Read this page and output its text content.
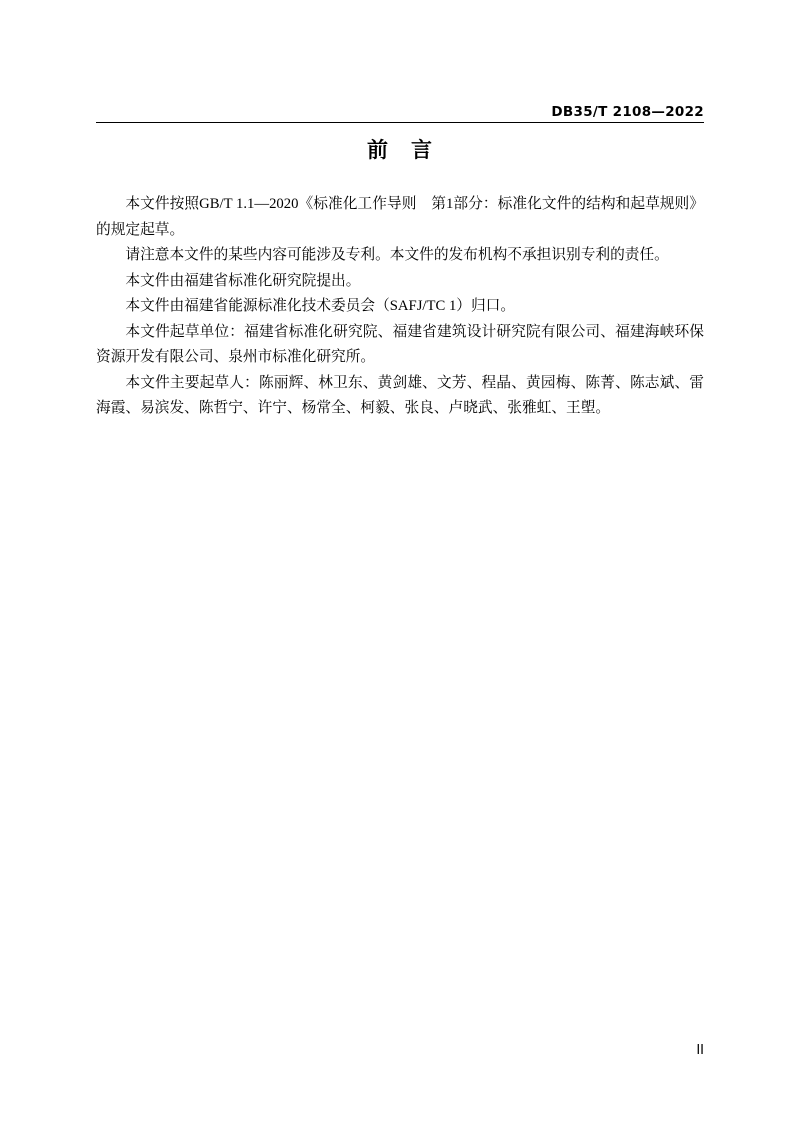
DB35/T 2108—2022
前 言

本文件按照GB/T 1.1—2020《标准化工作导则　第1部分：标准化文件的结构和起草规则》的规定起草。

请注意本文件的某些内容可能涉及专利。本文件的发布机构不承担识别专利的责任。

本文件由福建省标准化研究院提出。

本文件由福建省能源标准化技术委员会（SAFJ/TC 1）归口。

本文件起草单位：福建省标准化研究院、福建省建筑设计研究院有限公司、福建海峡环保资源开发有限公司、泉州市标准化研究所。

本文件主要起草人：陈丽辉、林卫东、黄剑雄、文芳、程晶、黄园梅、陈菁、陈志斌、雷海霞、易滨发、陈哲宁、许宁、杨常全、柯毅、张良、卢晓武、张雅虹、王塱。

II
